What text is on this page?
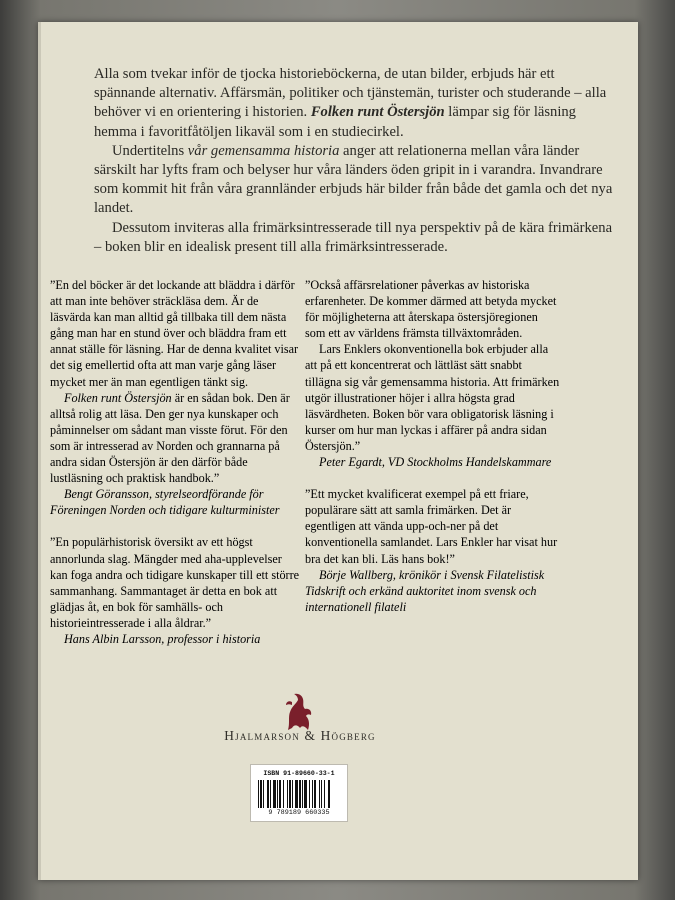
Alla som tvekar inför de tjocka historieböckerna, de utan bilder, erbjuds här ett spännande alternativ. Affärsmän, politiker och tjänstemän, turister och studerande – alla behöver vi en orientering i historien. Folken runt Östersjön lämpar sig för läsning hemma i favoritfåtöljen likaväl som i en studiecirkel.

Undertitelns vår gemensamma historia anger att relationerna mellan våra länder särskilt har lyfts fram och belyser hur våra länders öden gripit in i varandra. Invandrare som kommit hit från våra grannländer erbjuds här bilder från både det gamla och det nya landet.

Dessutom inviteras alla frimärksintresserade till nya perspektiv på de kära frimärkena – boken blir en idealisk present till alla frimärksintresserade.

”En del böcker är det lockande att bläddra i därför att man inte behöver sträckläsa dem. Är de läsvärda kan man alltid gå tillbaka till dem nästa gång man har en stund över och bläddra fram ett annat ställe för läsning. Har de denna kvalitet visar det sig emellertid ofta att man varje gång läser mycket mer än man egentligen tänkt sig.

Folken runt Östersjön är en sådan bok. Den är alltså rolig att läsa. Den ger nya kunskaper och påminnelser om sådant man visste förut. För den som är intresserad av Norden och grannarna på andra sidan Östersjön är den därför både lustläsning och praktisk handbok.”

Bengt Göransson, styrelseordförande för Föreningen Norden och tidigare kulturminister

”En populärhistorisk översikt av ett högst annorlunda slag. Mängder med aha-upplevelser kan foga andra och tidigare kunskaper till ett större sammanhang. Sammantaget är detta en bok att glädjas åt, en bok för samhälls- och historieintresserade i alla åldrar.”

Hans Albin Larsson, professor i historia

”Också affärsrelationer påverkas av historiska erfarenheter. De kommer därmed att betyda mycket för möjligheterna att återskapa östersjöregionen som ett av världens främsta tillväxtområden.

Lars Enklers okonventionella bok erbjuder alla att på ett koncentrerat och lättläst sätt snabbt tillägna sig vår gemensamma historia. Att frimärken utgör illustrationer höjer i allra högsta grad läsvärdheten. Boken bör vara obligatorisk läsning i kurser om hur man lyckas i affärer på andra sidan Östersjön.”

Peter Egardt, VD Stockholms Handelskammare

”Ett mycket kvalificerat exempel på ett friare, populärare sätt att samla frimärken. Det är egentligen att vända upp-och-ner på det konventionella samlandet. Lars Enkler har visat hur bra det kan bli. Läs hans bok!”

Börje Wallberg, krönikör i Svensk Filatelistisk Tidskrift och erkänd auktoritet inom svensk och internationell filateli

Hjalmarson & Högberg
ISBN 91-89660-33-1
9 789189 660335
